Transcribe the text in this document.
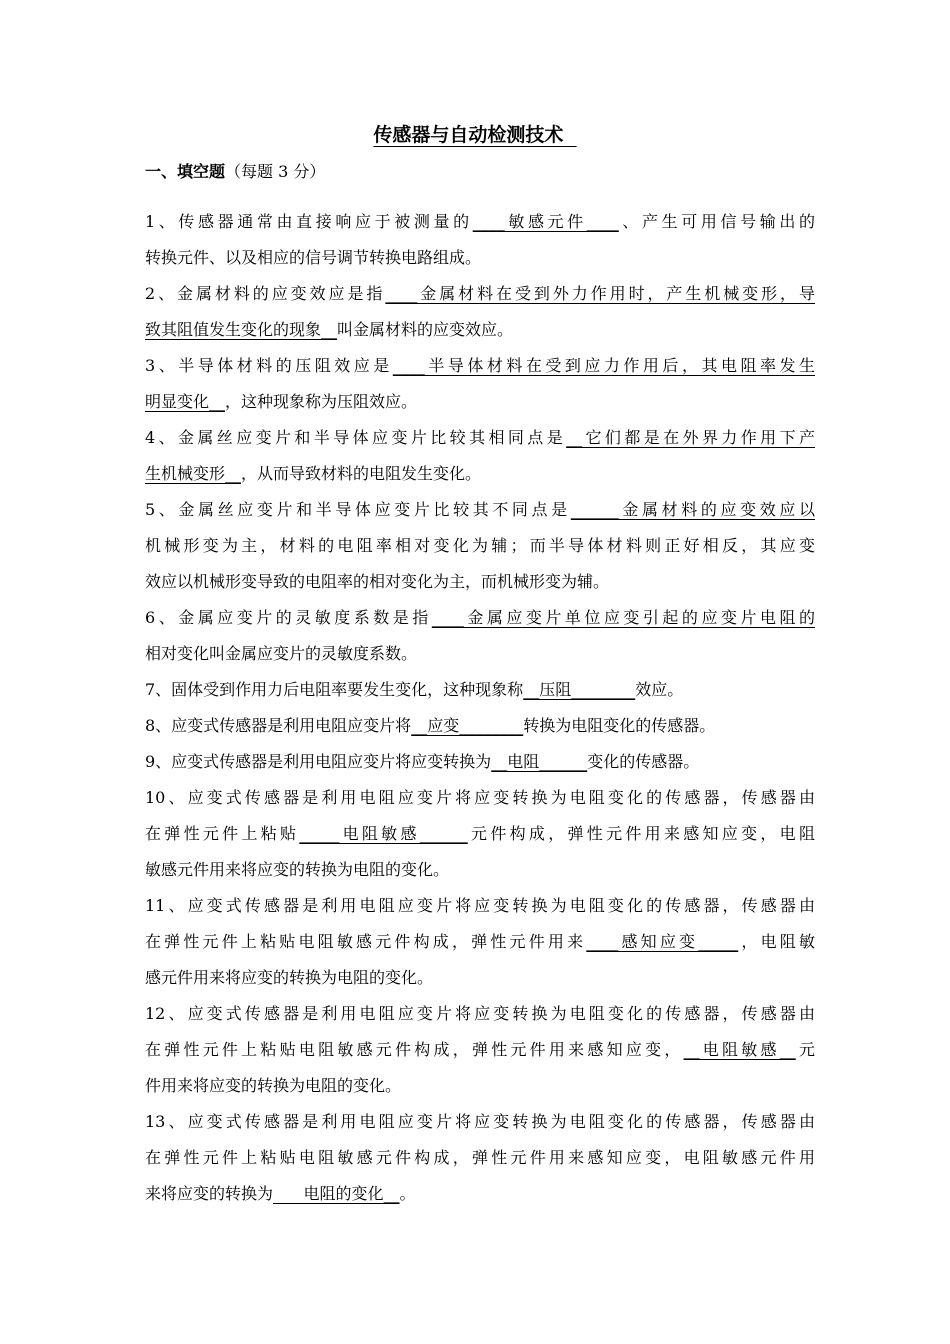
传感器与自动检测技术
一、填空题（每题 3 分）
1、传感器通常由直接响应于被测量的____敏感元件____、产生可用信号输出的
转换元件、以及相应的信号调节转换电路组成。
2、金属材料的应变效应是指____金属材料在受到外力作用时，产生机械变形，导
致其阻值发生变化的现象__叫金属材料的应变效应。
3、半导体材料的压阻效应是____半导体材料在受到应力作用后，其电阻率发生
明显变化__，这种现象称为压阻效应。
4、金属丝应变片和半导体应变片比较其相同点是__它们都是在外界力作用下产
生机械变形__，从而导致材料的电阻发生变化。
5、金属丝应变片和半导体应变片比较其不同点是______金属材料的应变效应以
机械形变为主，材料的电阻率相对变化为辅；而半导体材料则正好相反，其应变
效应以机械形变导致的电阻率的相对变化为主，而机械形变为辅。
6、金属应变片的灵敏度系数是指____金属应变片单位应变引起的应变片电阻的
相对变化叫金属应变片的灵敏度系数。
7、固体受到作用力后电阻率要发生变化，这种现象称__压阻________效应。
8、应变式传感器是利用电阻应变片将__应变________转换为电阻变化的传感器。
9、应变式传感器是利用电阻应变片将应变转换为__电阻______变化的传感器。
10、应变式传感器是利用电阻应变片将应变转换为电阻变化的传感器，传感器由
在弹性元件上粘贴_____电阻敏感______元件构成，弹性元件用来感知应变，电阻
敏感元件用来将应变的转换为电阻的变化。
11、应变式传感器是利用电阻应变片将应变转换为电阻变化的传感器，传感器由
在弹性元件上粘贴电阻敏感元件构成，弹性元件用来____感知应变_____，电阻敏
感元件用来将应变的转换为电阻的变化。
12、应变式传感器是利用电阻应变片将应变转换为电阻变化的传感器，传感器由
在弹性元件上粘贴电阻敏感元件构成，弹性元件用来感知应变，__电阻敏感__元
件用来将应变的转换为电阻的变化。
13、应变式传感器是利用电阻应变片将应变转换为电阻变化的传感器，传感器由
在弹性元件上粘贴电阻敏感元件构成，弹性元件用来感知应变，电阻敏感元件用
来将应变的转换为      电阻的变化__。
